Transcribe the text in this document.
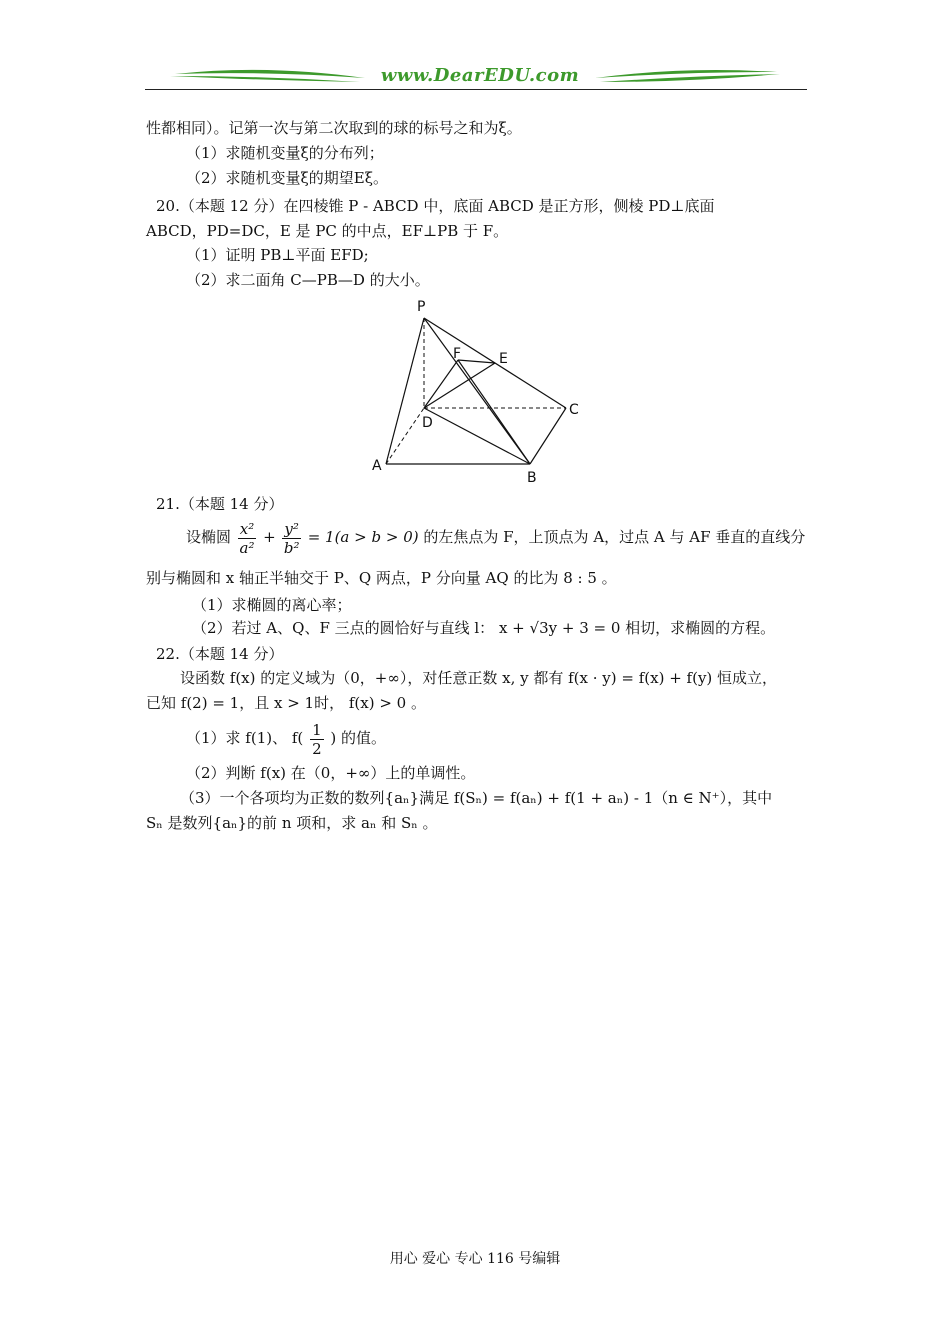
www.DearEDU.com
性都相同）。记第一次与第二次取到的球的标号之和为ξ。
（1）求随机变量ξ的分布列；
（2）求随机变量ξ的期望Eξ。
20.（本题 12 分）在四棱锥 P - ABCD 中，底面 ABCD 是正方形，侧棱 PD⊥底面
ABCD，PD=DC，E 是 PC 的中点，EF⊥PB 于 F。
（1）证明 PB⊥平面 EFD;
（2）求二面角 C—PB—D 的大小。
21.（本题 14 分）
设椭圆 $\frac{\text{x²}}{\text{a²}} + \frac{\text{y²}}{\text{b²}} = 1(a > b > 0)$ 的左焦点为 F，上顶点为 A，过点 A 与 AF 垂直的直线分
别与椭圆和 x 轴正半轴交于 P、Q 两点，P 分向量 AQ 的比为 8 : 5 。
（1）求椭圆的离心率；
（2）若过 A、Q、F 三点的圆恰好与直线 l： x + √3y + 3 = 0 相切，求椭圆的方程。
22.（本题 14 分）
设函数 f(x) 的定义域为（0，+∞），对任意正数 x, y 都有 f(x · y) = f(x) + f(y) 恒成立，
已知 f(2) = 1，且 x > 1时， f(x) > 0 。
（1）求 f(1)、 $f( \frac{1}{2}$ ) 的值。
（2）判断 f(x) 在（0，+∞）上的单调性。
（3）一个各项均为正数的数列{aₙ}满足 f(Sₙ) = f(aₙ) + f(1 + aₙ) - 1（n ∈ N⁺），其中
Sₙ 是数列{aₙ}的前 n 项和，求 aₙ 和 Sₙ 。
P
F	E
D
C
A
B
用心 爱心 专心 116 号编辑
